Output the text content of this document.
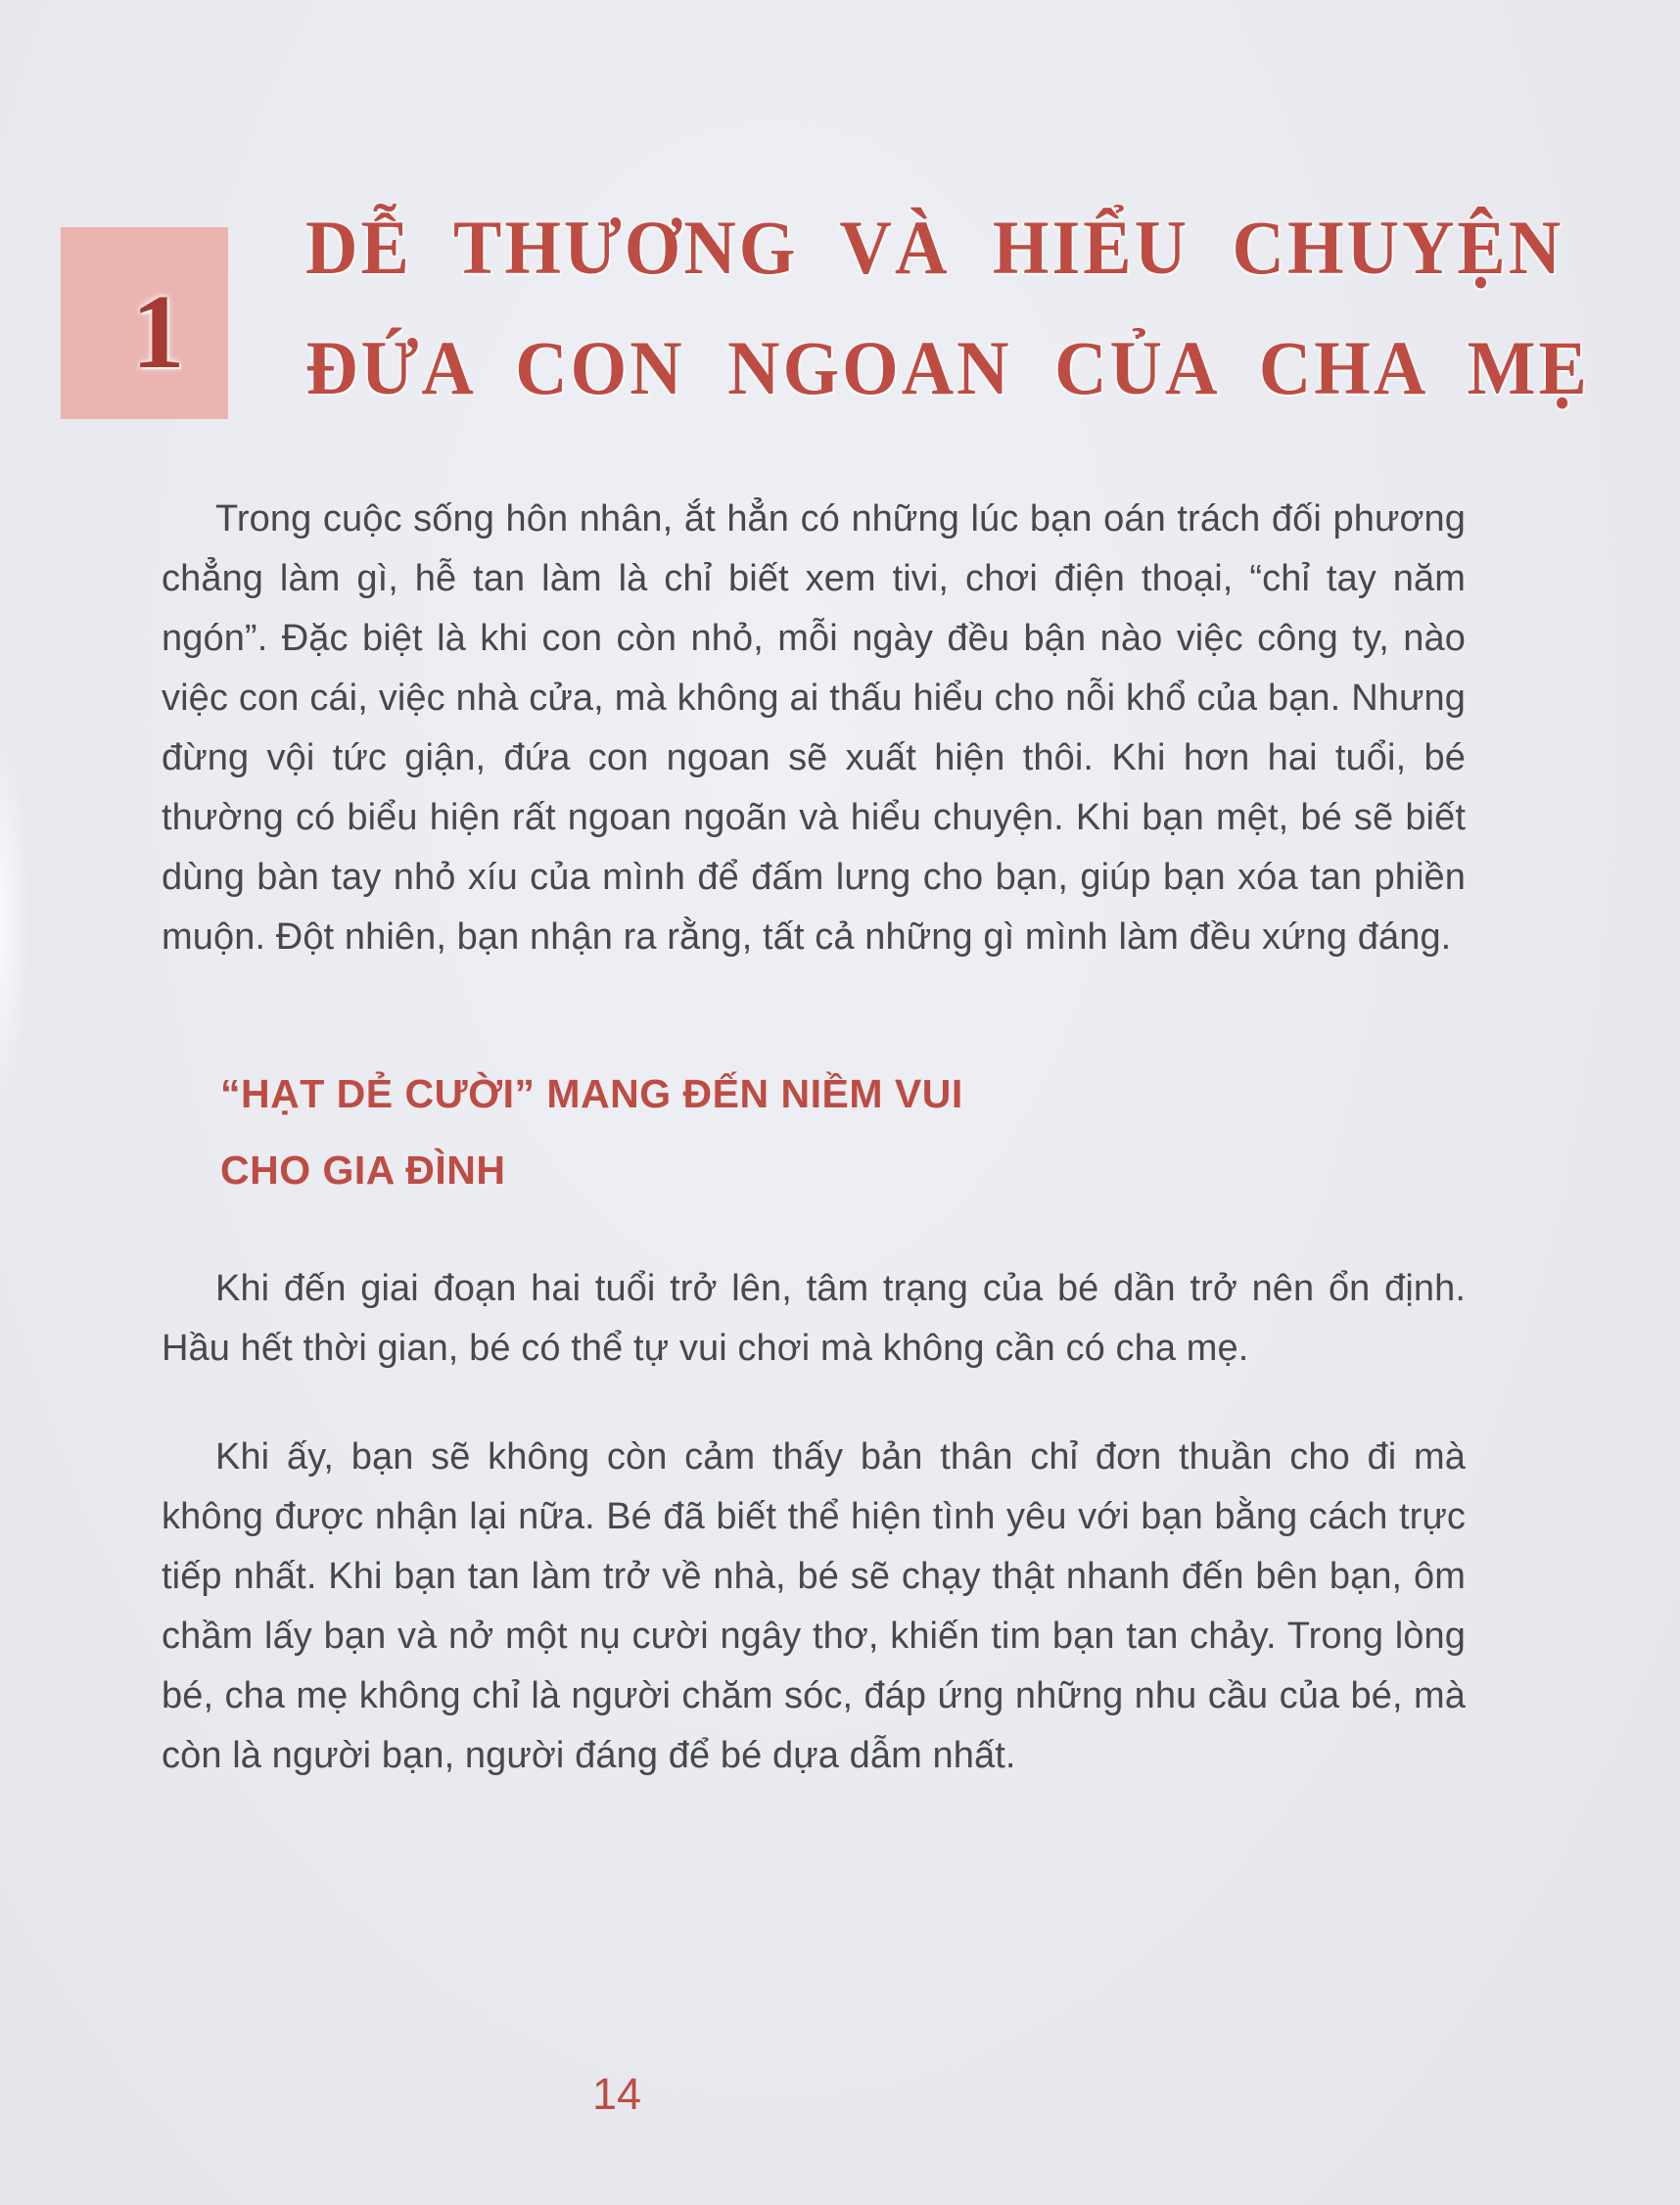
1
DỄ THƯƠNG VÀ HIỂU CHUYỆN
ĐỨA CON NGOAN CỦA CHA MẸ

Trong cuộc sống hôn nhân, ắt hẳn có những lúc bạn oán trách đối phương chẳng làm gì, hễ tan làm là chỉ biết xem tivi, chơi điện thoại, “chỉ tay năm ngón”. Đặc biệt là khi con còn nhỏ, mỗi ngày đều bận nào việc công ty, nào việc con cái, việc nhà cửa, mà không ai thấu hiểu cho nỗi khổ của bạn. Nhưng đừng vội tức giận, đứa con ngoan sẽ xuất hiện thôi. Khi hơn hai tuổi, bé thường có biểu hiện rất ngoan ngoãn và hiểu chuyện. Khi bạn mệt, bé sẽ biết dùng bàn tay nhỏ xíu của mình để đấm lưng cho bạn, giúp bạn xóa tan phiền muộn. Đột nhiên, bạn nhận ra rằng, tất cả những gì mình làm đều xứng đáng.

“HẠT DẺ CƯỜI” MANG ĐẾN NIỀM VUI
CHO GIA ĐÌNH

Khi đến giai đoạn hai tuổi trở lên, tâm trạng của bé dần trở nên ổn định. Hầu hết thời gian, bé có thể tự vui chơi mà không cần có cha mẹ.

Khi ấy, bạn sẽ không còn cảm thấy bản thân chỉ đơn thuần cho đi mà không được nhận lại nữa. Bé đã biết thể hiện tình yêu với bạn bằng cách trực tiếp nhất. Khi bạn tan làm trở về nhà, bé sẽ chạy thật nhanh đến bên bạn, ôm chầm lấy bạn và nở một nụ cười ngây thơ, khiến tim bạn tan chảy. Trong lòng bé, cha mẹ không chỉ là người chăm sóc, đáp ứng những nhu cầu của bé, mà còn là người bạn, người đáng để bé dựa dẫm nhất.

14
